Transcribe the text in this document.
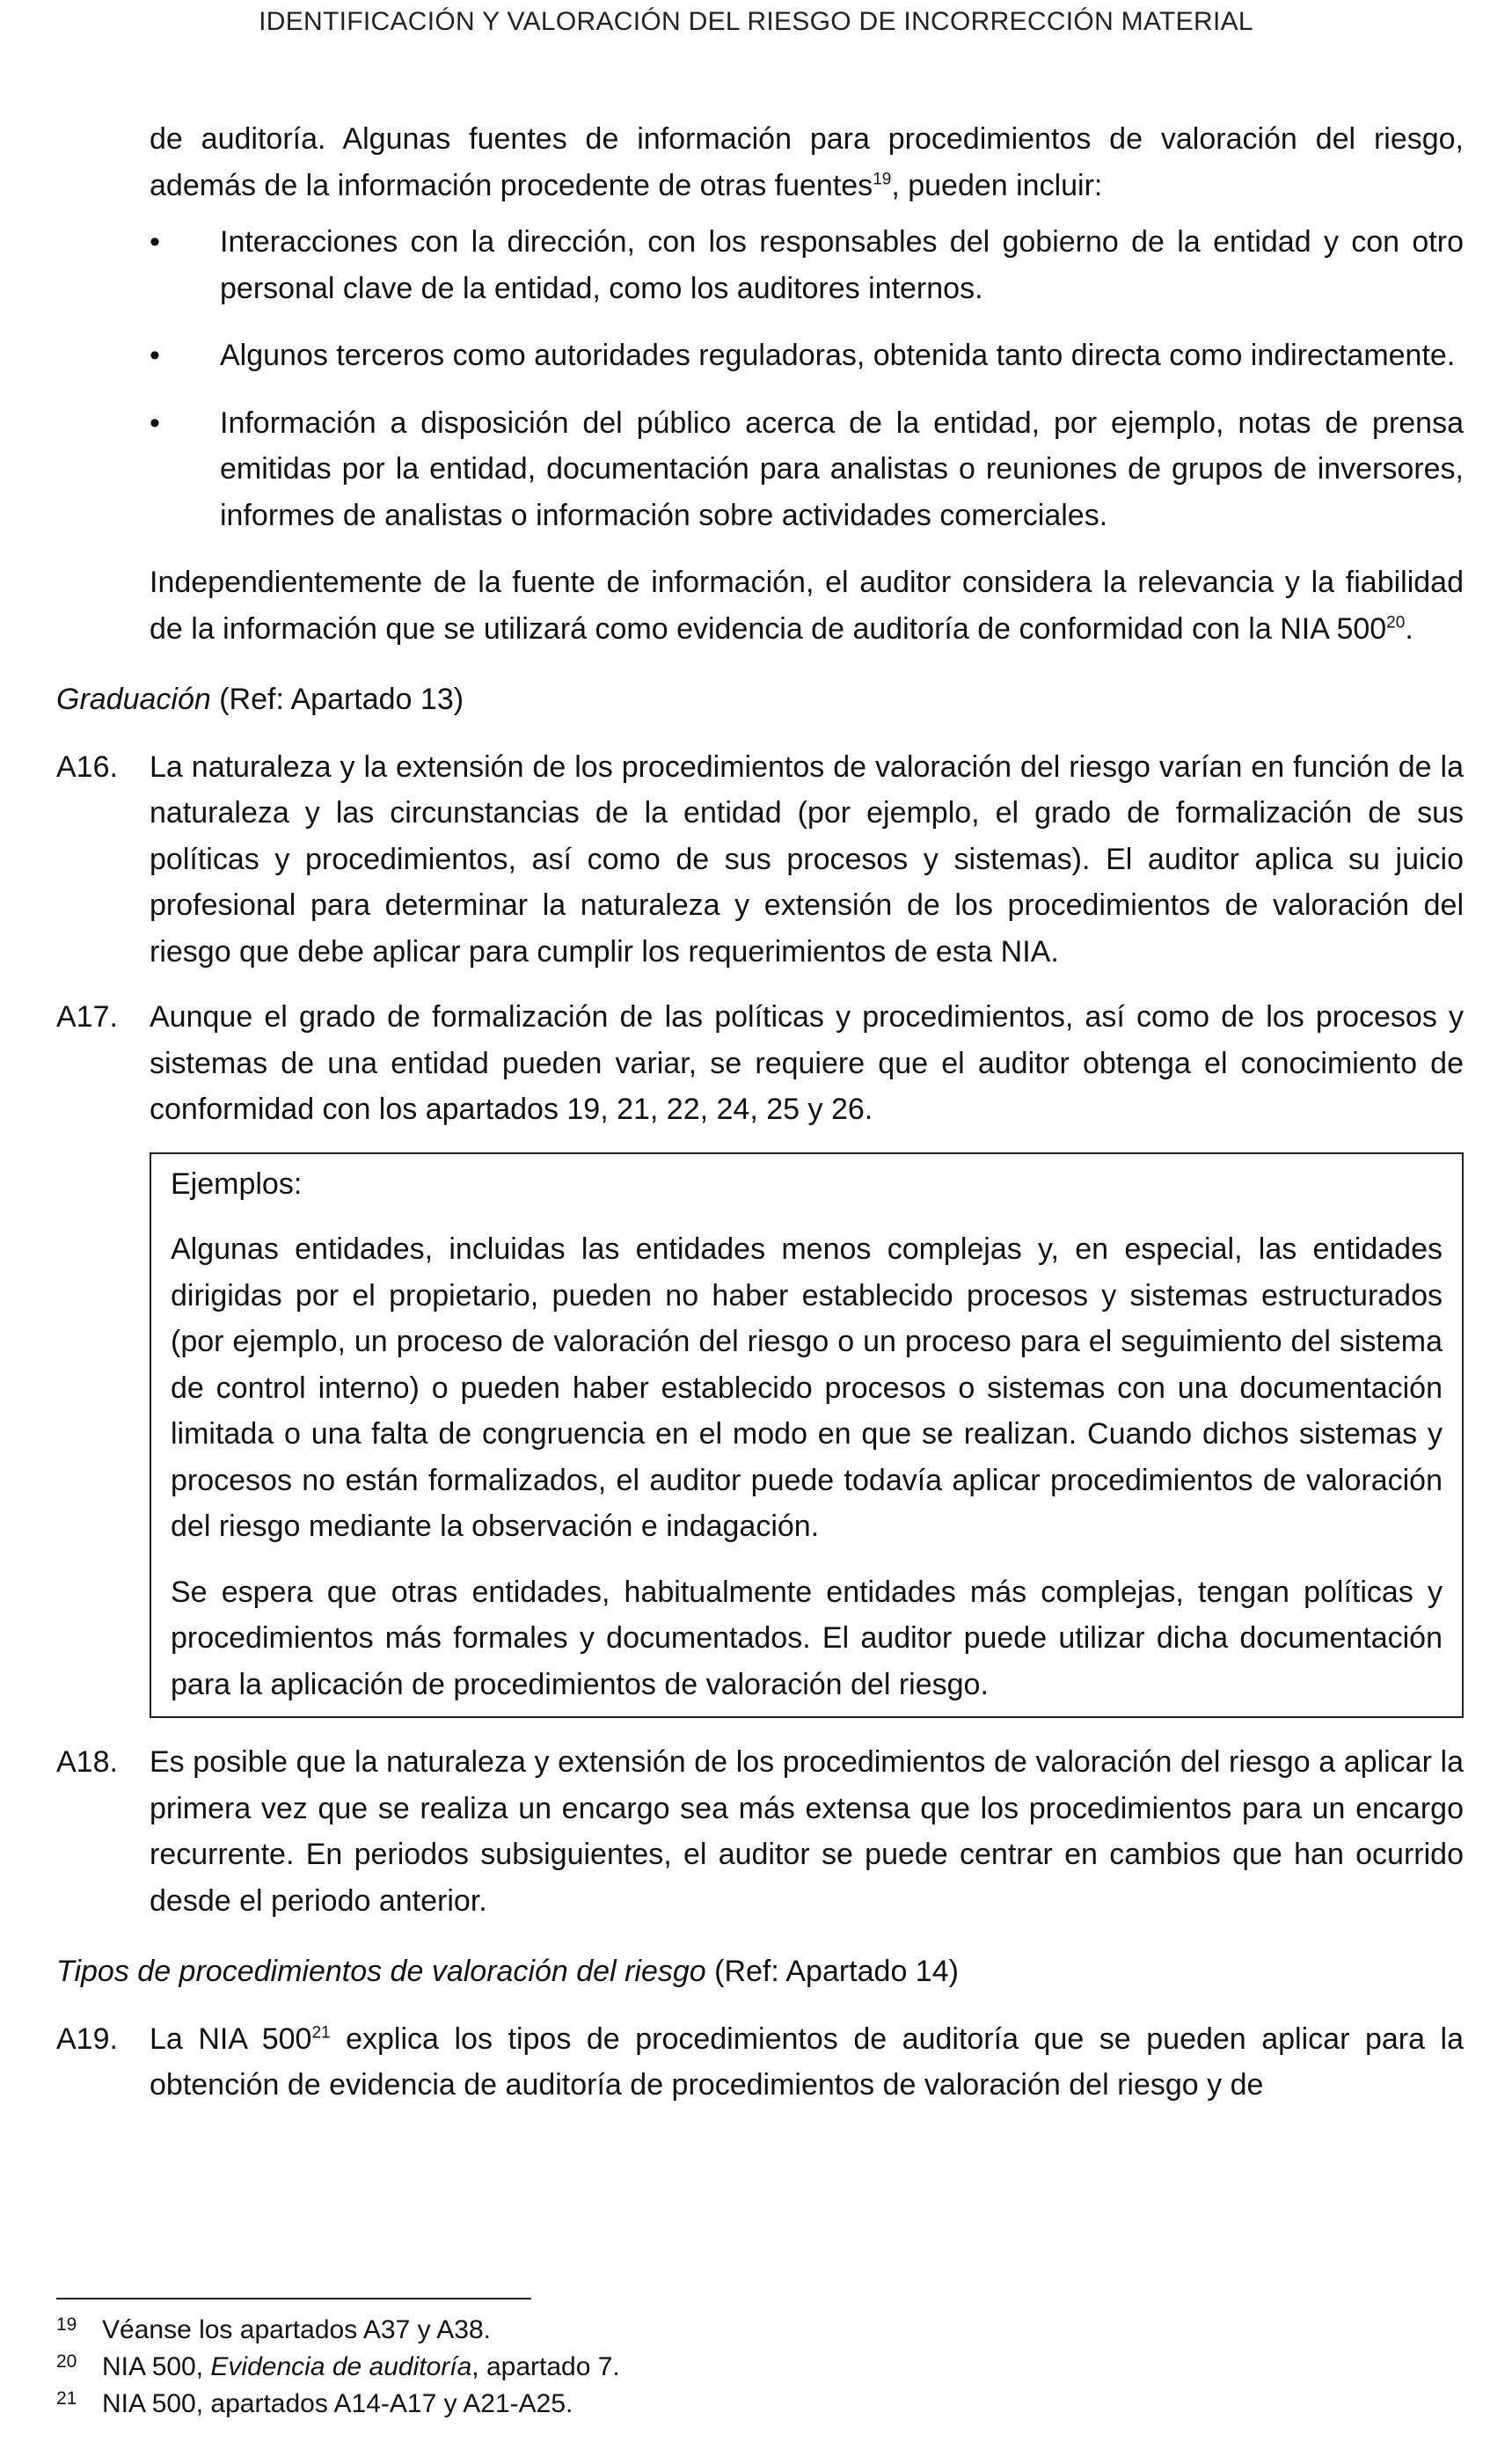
IDENTIFICACIÓN Y VALORACIÓN DEL RIESGO DE INCORRECCIÓN MATERIAL

de auditoría. Algunas fuentes de información para procedimientos de valoración del riesgo, además de la información procedente de otras fuentes$^{19}$, pueden incluir:

• Interacciones con la dirección, con los responsables del gobierno de la entidad y con otro personal clave de la entidad, como los auditores internos.
• Algunos terceros como autoridades reguladoras, obtenida tanto directa como indirectamente.
• Información a disposición del público acerca de la entidad, por ejemplo, notas de prensa emitidas por la entidad, documentación para analistas o reuniones de grupos de inversores, informes de analistas o información sobre actividades comerciales.

Independientemente de la fuente de información, el auditor considera la relevancia y la fiabilidad de la información que se utilizará como evidencia de auditoría de conformidad con la NIA $500^{20}$.

Graduación (Ref: Apartado 13)

A16.	La naturaleza y la extensión de los procedimientos de valoración del riesgo varían en función de la naturaleza y las circunstancias de la entidad (por ejemplo, el grado de formalización de sus políticas y procedimientos, así como de sus procesos y sistemas). El auditor aplica su juicio profesional para determinar la naturaleza y extensión de los procedimientos de valoración del riesgo que debe aplicar para cumplir los requerimientos de esta NIA.
A17.	Aunque el grado de formalización de las políticas y procedimientos, así como de los procesos y sistemas de una entidad pueden variar, se requiere que el auditor obtenga el conocimiento de conformidad con los apartados 19, 21, 22, 24, 25 y 26.

Ejemplos:

Algunas entidades, incluidas las entidades menos complejas y, en especial, las entidades dirigidas por el propietario, pueden no haber establecido procesos y sistemas estructurados (por ejemplo, un proceso de valoración del riesgo o un proceso para el seguimiento del sistema de control interno) o pueden haber establecido procesos o sistemas con una documentación limitada o una falta de congruencia en el modo en que se realizan. Cuando dichos sistemas y procesos no están formalizados, el auditor puede todavía aplicar procedimientos de valoración del riesgo mediante la observación e indagación.

Se espera que otras entidades, habitualmente entidades más complejas, tengan políticas y procedimientos más formales y documentados. El auditor puede utilizar dicha documentación para la aplicación de procedimientos de valoración del riesgo.

A18.	Es posible que la naturaleza y extensión de los procedimientos de valoración del riesgo a aplicar la primera vez que se realiza un encargo sea más extensa que los procedimientos para un encargo recurrente. En periodos subsiguientes, el auditor se puede centrar en cambios que han ocurrido desde el periodo anterior.

Tipos de procedimientos de valoración del riesgo (Ref: Apartado 14)

A19.	La NIA $500^{21}$ explica los tipos de procedimientos de auditoría que se pueden aplicar para la obtención de evidencia de auditoría de procedimientos de valoración del riesgo y de
19 Véanse los apartados A37 y A38.
20 NIA 500, Evidencia de auditoría, apartado 7.
21 NIA 500, apartados A14-A17 y A21-A25.
